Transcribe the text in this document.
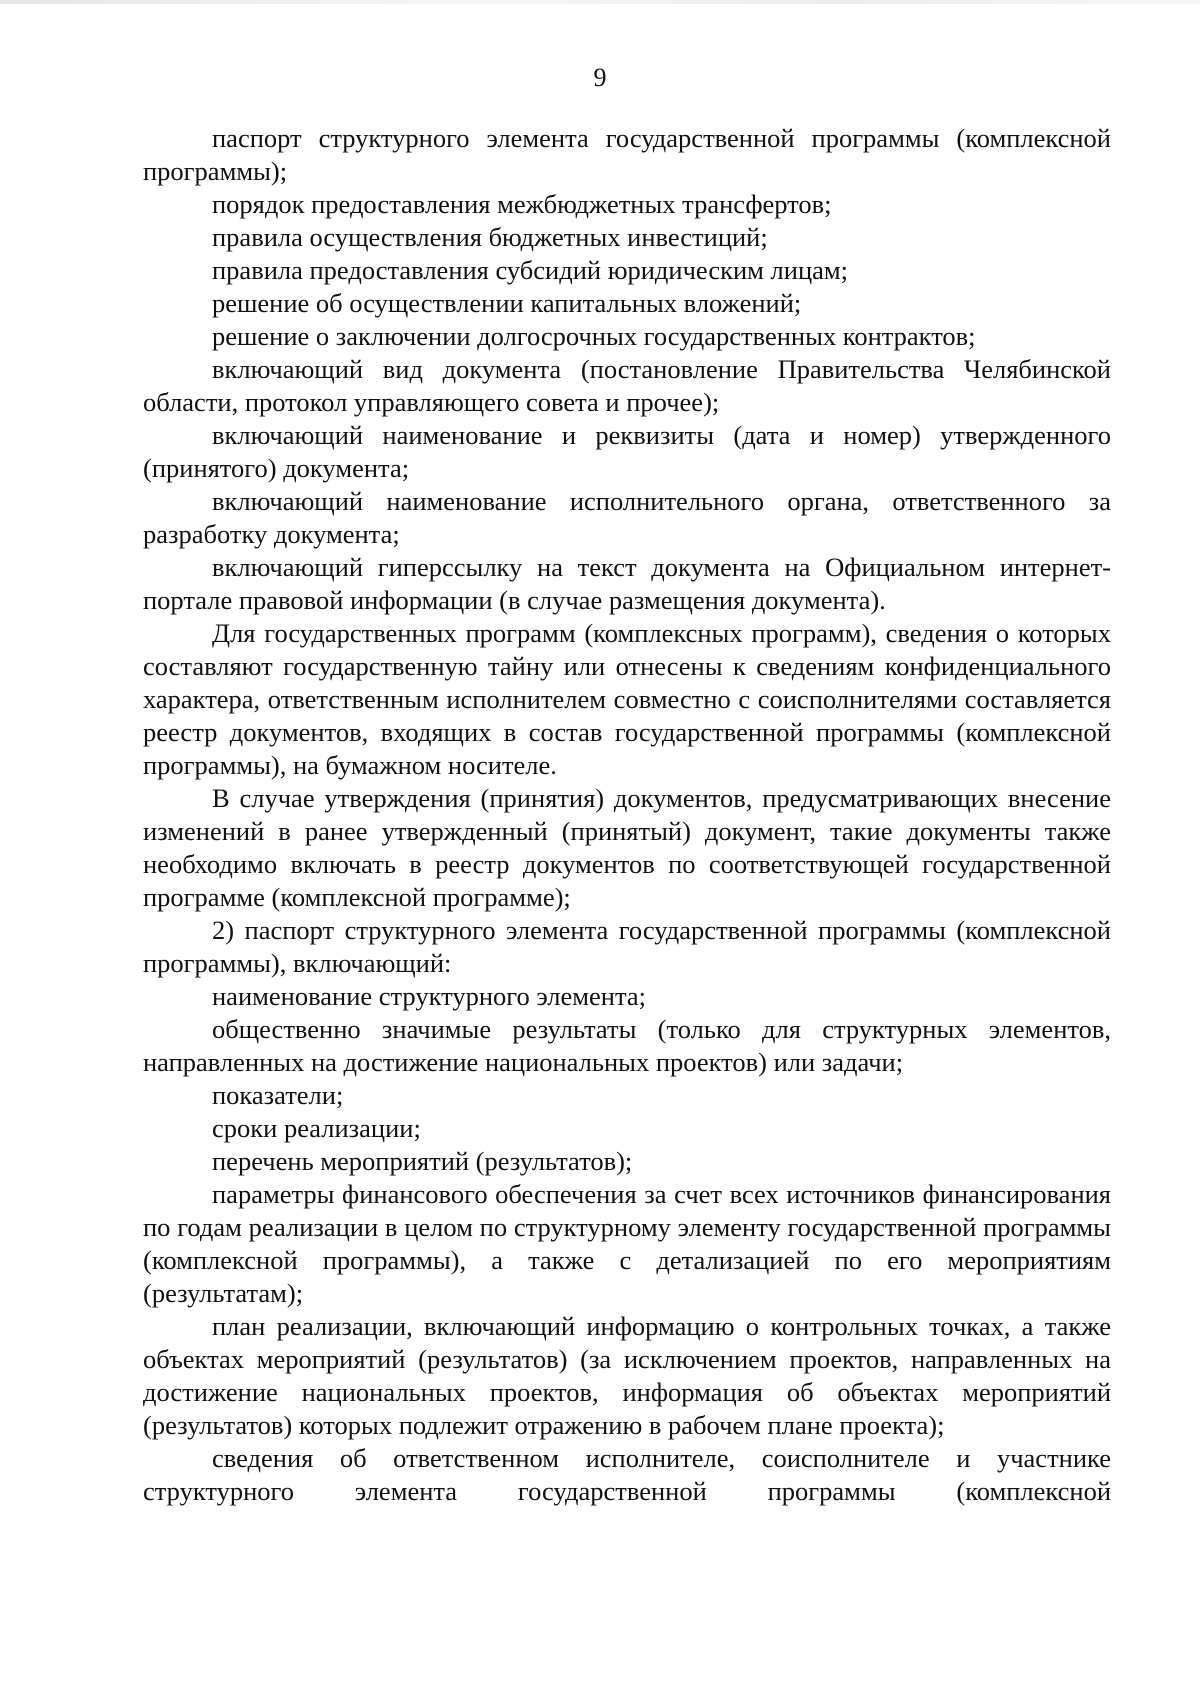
9

паспорт структурного элемента государственной программы (комплексной программы);

порядок предоставления межбюджетных трансфертов;

правила осуществления бюджетных инвестиций;

правила предоставления субсидий юридическим лицам;

решение об осуществлении капитальных вложений;

решение о заключении долгосрочных государственных контрактов;

включающий вид документа (постановление Правительства Челябинской области, протокол управляющего совета и прочее);

включающий наименование и реквизиты (дата и номер) утвержденного (принятого) документа;

включающий наименование исполнительного органа, ответственного за разработку документа;

включающий гиперссылку на текст документа на Официальном интернет-портале правовой информации (в случае размещения документа).

Для государственных программ (комплексных программ), сведения о которых составляют государственную тайну или отнесены к сведениям конфиденциального характера, ответственным исполнителем совместно с соисполнителями составляется реестр документов, входящих в состав государственной программы (комплексной программы), на бумажном носителе.

В случае утверждения (принятия) документов, предусматривающих внесение изменений в ранее утвержденный (принятый) документ, такие документы также необходимо включать в реестр документов по соответствующей государственной программе (комплексной программе);

2) паспорт структурного элемента государственной программы (комплексной программы), включающий:

наименование структурного элемента;

общественно значимые результаты (только для структурных элементов, направленных на достижение национальных проектов) или задачи;

показатели;

сроки реализации;

перечень мероприятий (результатов);

параметры финансового обеспечения за счет всех источников финансирования по годам реализации в целом по структурному элементу государственной программы (комплексной программы), а также с детализацией по его мероприятиям (результатам);

план реализации, включающий информацию о контрольных точках, а также объектах мероприятий (результатов) (за исключением проектов, направленных на достижение национальных проектов, информация об объектах мероприятий (результатов) которых подлежит отражению в рабочем плане проекта);

сведения об ответственном исполнителе, соисполнителе и участнике структурного элемента государственной программы (комплексной
